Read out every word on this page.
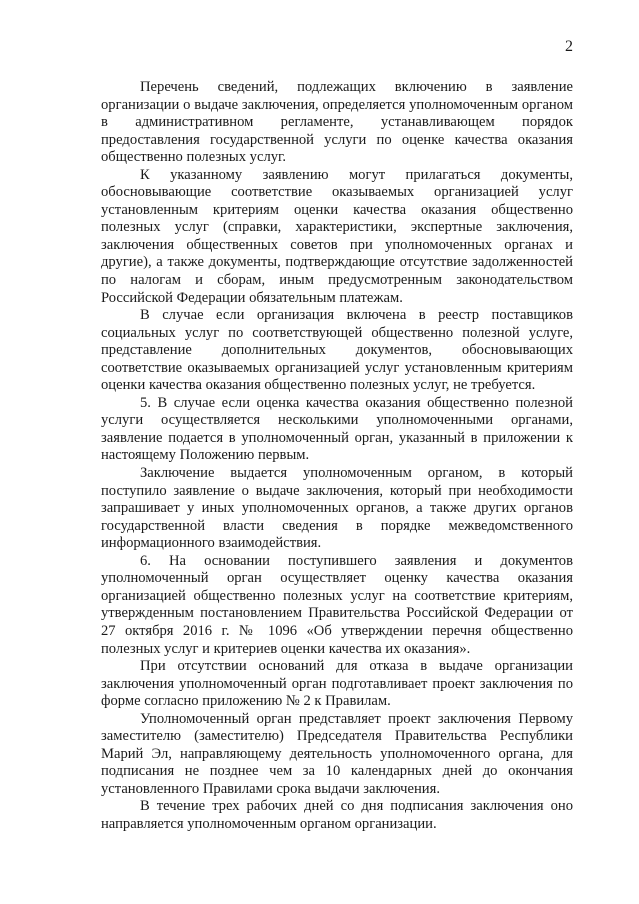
2

Перечень сведений, подлежащих включению в заявление организации о выдаче заключения, определяется уполномоченным органом в административном регламенте, устанавливающем порядок предоставления государственной услуги по оценке качества оказания общественно полезных услуг.

К указанному заявлению могут прилагаться документы, обосновывающие соответствие оказываемых организацией услуг установленным критериям оценки качества оказания общественно полезных услуг (справки, характеристики, экспертные заключения, заключения общественных советов при уполномоченных органах и другие), а также документы, подтверждающие отсутствие задолженностей по налогам и сборам, иным предусмотренным законодательством Российской Федерации обязательным платежам.

В случае если организация включена в реестр поставщиков социальных услуг по соответствующей общественно полезной услуге, представление дополнительных документов, обосновывающих соответствие оказываемых организацией услуг установленным критериям оценки качества оказания общественно полезных услуг, не требуется.

5. В случае если оценка качества оказания общественно полезной услуги осуществляется несколькими уполномоченными органами, заявление подается в уполномоченный орган, указанный в приложении к настоящему Положению первым.

Заключение выдается уполномоченным органом, в который поступило заявление о выдаче заключения, который при необходимости запрашивает у иных уполномоченных органов, а также других органов государственной власти сведения в порядке межведомственного информационного взаимодействия.

6. На основании поступившего заявления и документов уполномоченный орган осуществляет оценку качества оказания организацией общественно полезных услуг на соответствие критериям, утвержденным постановлением Правительства Российской Федерации от 27 октября 2016 г. № 1096 «Об утверждении перечня общественно полезных услуг и критериев оценки качества их оказания».

При отсутствии оснований для отказа в выдаче организации заключения уполномоченный орган подготавливает проект заключения по форме согласно приложению № 2 к Правилам.

Уполномоченный орган представляет проект заключения Первому заместителю (заместителю) Председателя Правительства Республики Марий Эл, направляющему деятельность уполномоченного органа, для подписания не позднее чем за 10 календарных дней до окончания установленного Правилами срока выдачи заключения.

В течение трех рабочих дней со дня подписания заключения оно направляется уполномоченным органом организации.
